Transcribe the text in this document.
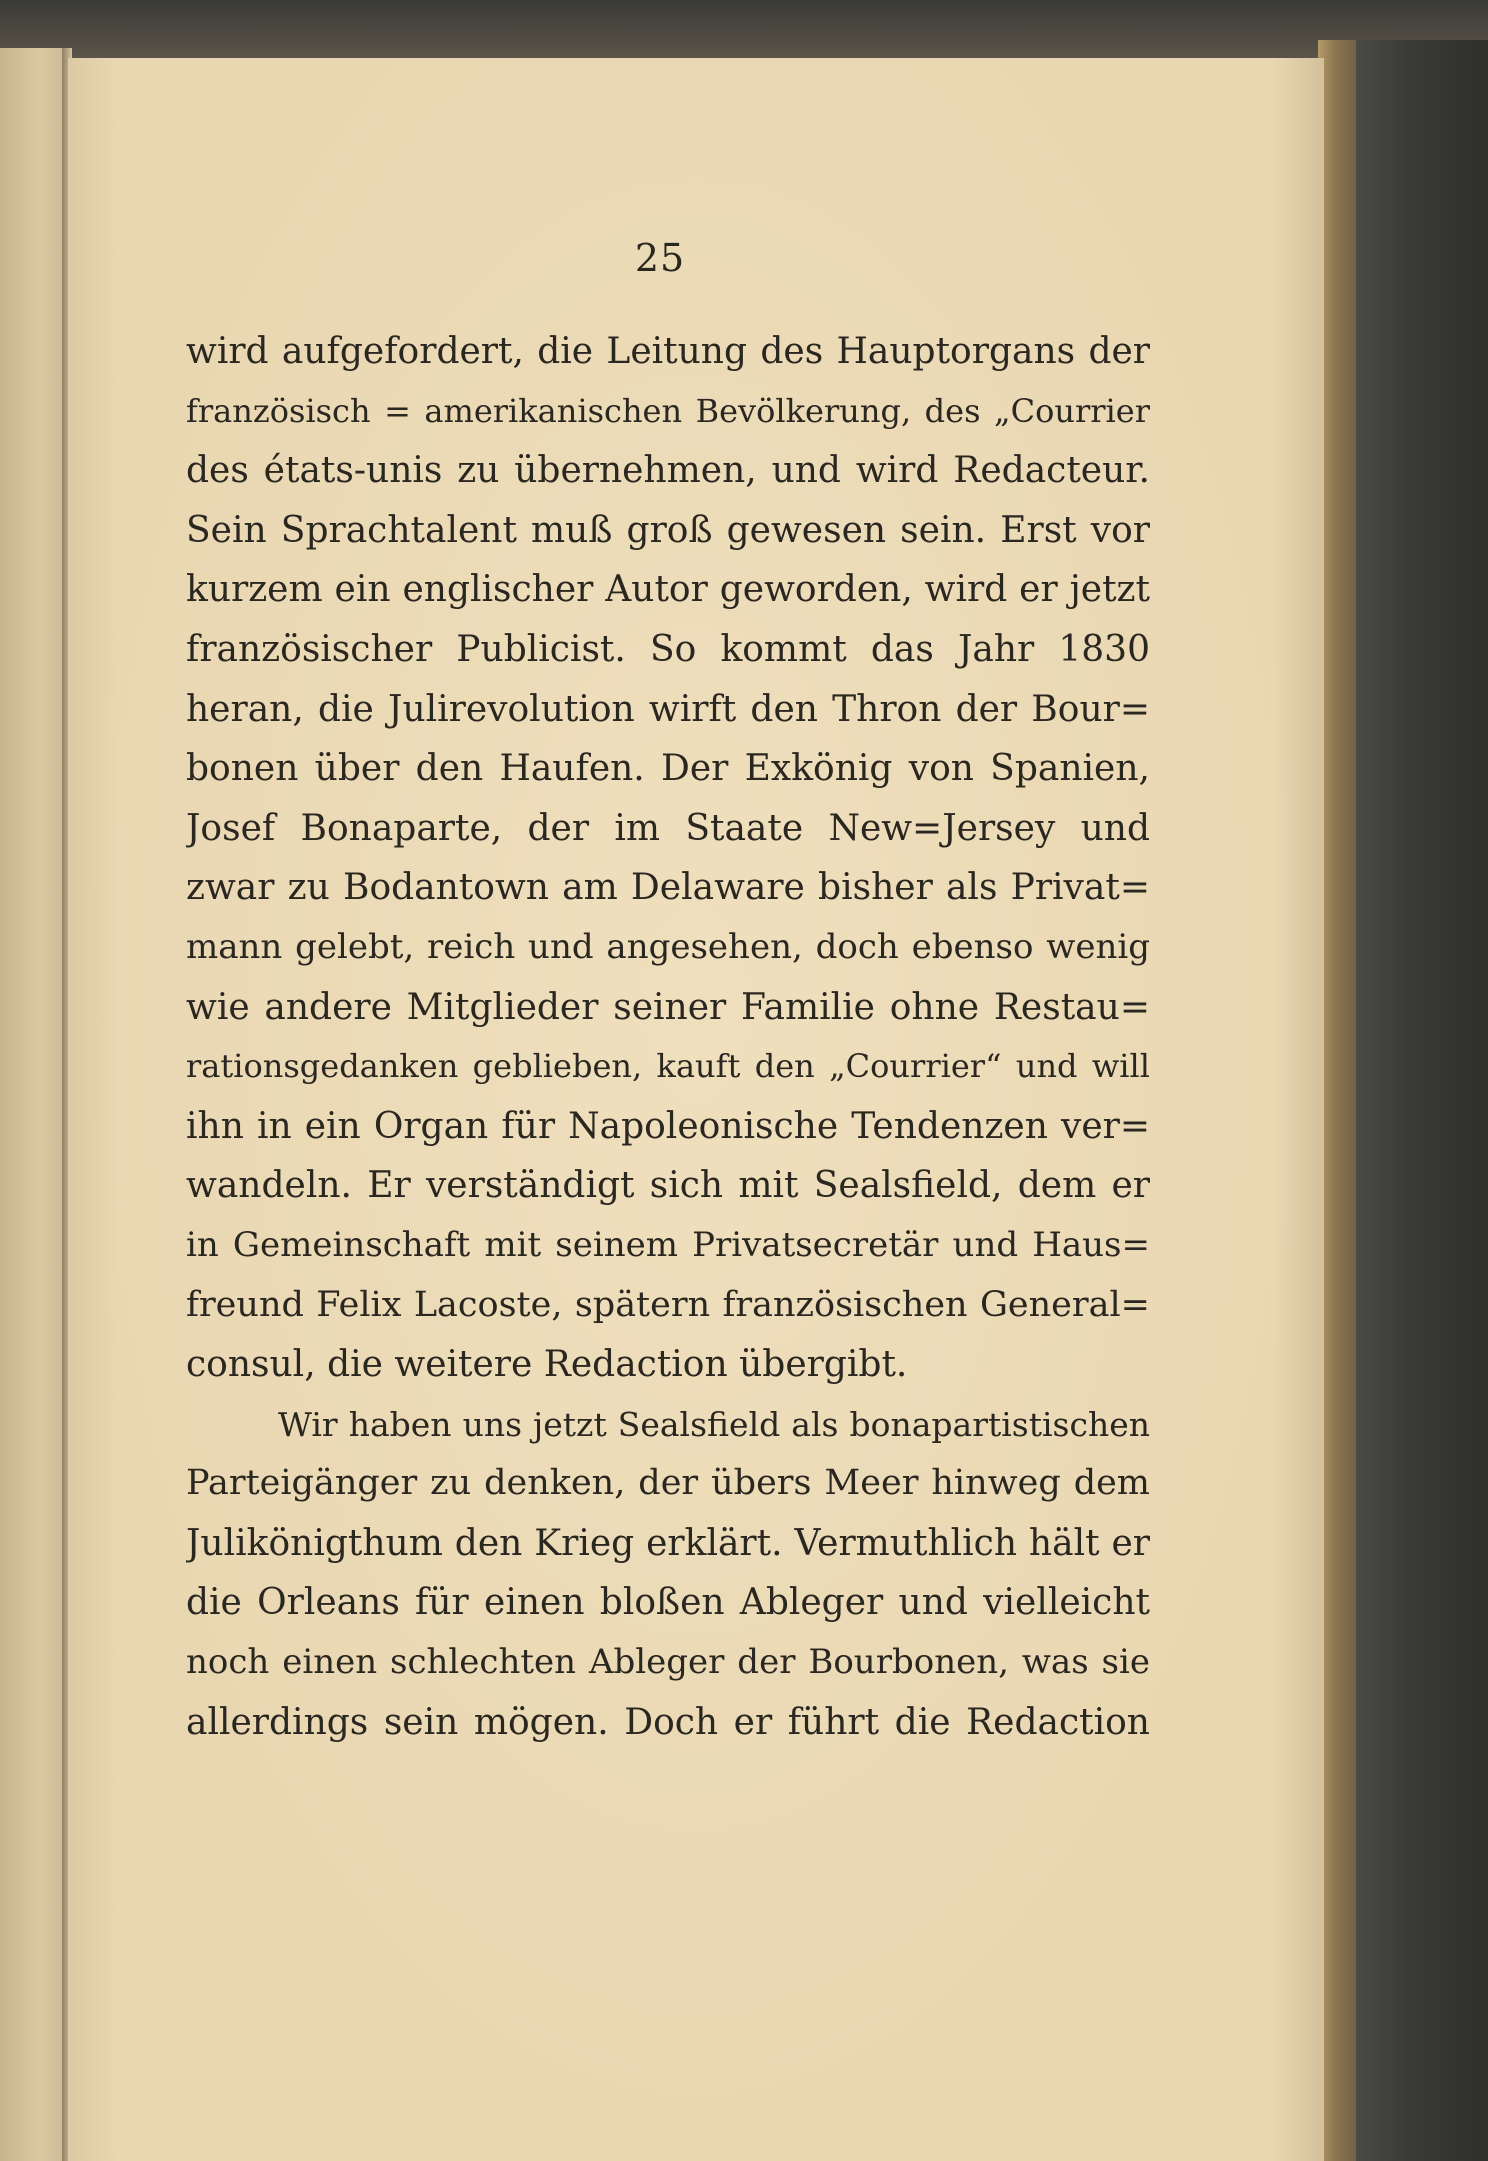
25
wird aufgefordert, die Leitung des Hauptorgans der
französisch = amerikanischen Bevölkerung, des „Courrier
des états-unis zu übernehmen, und wird Redacteur.
Sein Sprachtalent muß groß gewesen sein. Erst vor
kurzem ein englischer Autor geworden, wird er jetzt
französischer Publicist. So kommt das Jahr 1830
heran, die Julirevolution wirft den Thron der Bour=
bonen über den Haufen. Der Exkönig von Spanien,
Josef Bonaparte, der im Staate New=Jersey und
zwar zu Bodantown am Delaware bisher als Privat=
mann gelebt, reich und angesehen, doch ebenso wenig
wie andere Mitglieder seiner Familie ohne Restau=
rationsgedanken geblieben, kauft den „Courrier“ und will
ihn in ein Organ für Napoleonische Tendenzen ver=
wandeln. Er verständigt sich mit Sealsfield, dem er
in Gemeinschaft mit seinem Privatsecretär und Haus=
freund Felix Lacoste, spätern französischen General=
consul, die weitere Redaction übergibt.
Wir haben uns jetzt Sealsfield als bonapartistischen
Parteigänger zu denken, der übers Meer hinweg dem
Julikönigthum den Krieg erklärt. Vermuthlich hält er
die Orleans für einen bloßen Ableger und vielleicht
noch einen schlechten Ableger der Bourbonen, was sie
allerdings sein mögen. Doch er führt die Redaction
